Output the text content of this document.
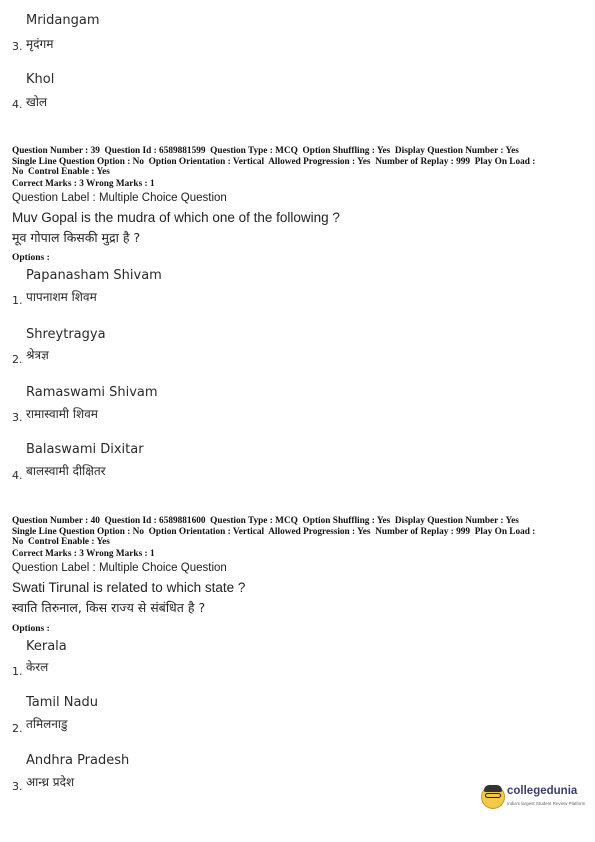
Mridangam
3. मृदंगम
Khol
4. खोल
Question Number : 39  Question Id : 6589881599  Question Type : MCQ  Option Shuffling : Yes  Display Question Number : Yes
Single Line Question Option : No  Option Orientation : Vertical  Allowed Progression : Yes  Number of Replay : 999  Play On Load :
No  Control Enable : Yes
Correct Marks : 3 Wrong Marks : 1
Question Label : Multiple Choice Question
Muv Gopal is the mudra of which one of the following ?
मूव गोपाल किसकी मुद्रा है ?
Options :
Papanasham Shivam
1. पापनाशम शिवम
Shreytragya
2. श्रेत्रज्ञ
Ramaswami Shivam
3. रामास्वामी शिवम
Balaswami Dixitar
4. बालस्वामी दीक्षितर
Question Number : 40  Question Id : 6589881600  Question Type : MCQ  Option Shuffling : Yes  Display Question Number : Yes
Single Line Question Option : No  Option Orientation : Vertical  Allowed Progression : Yes  Number of Replay : 999  Play On Load :
No  Control Enable : Yes
Correct Marks : 3 Wrong Marks : 1
Question Label : Multiple Choice Question
Swati Tirunal is related to which state ?
स्वाति तिरुनाल, किस राज्य से संबंधित है ?
Options :
Kerala
1. केरल
Tamil Nadu
2. तमिलनाडु
Andhra Pradesh
3. आन्ध्र प्रदेश
collegedunia
India's largest Student Review Platform
